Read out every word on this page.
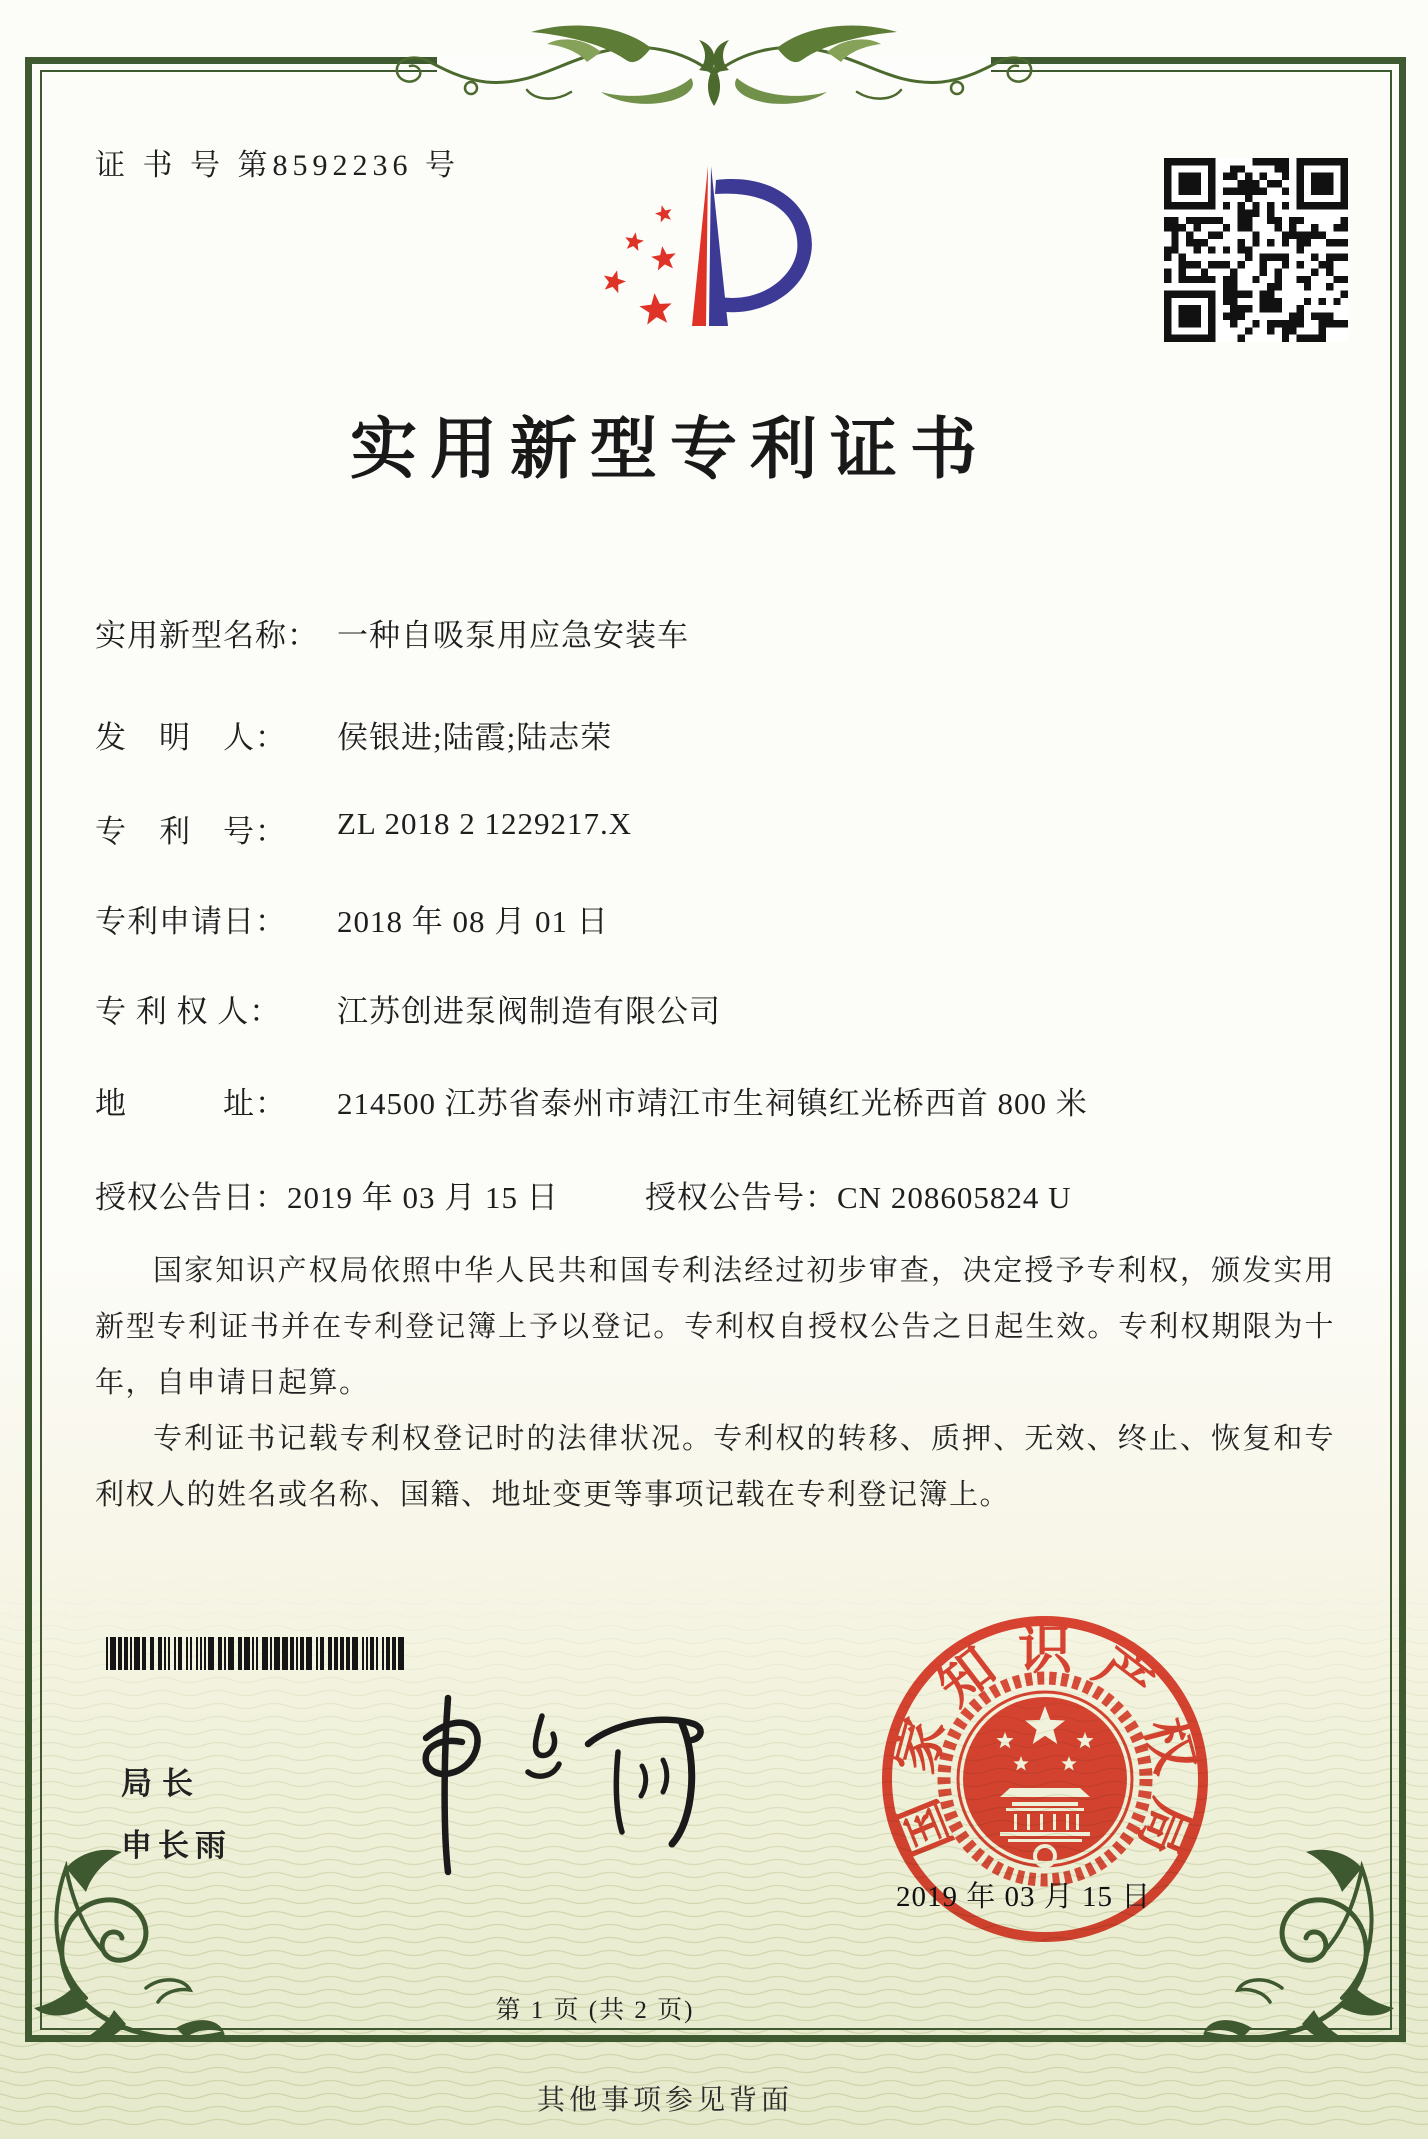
证 书 号 第8592236 号
实用新型专利证书
实用新型名称： 一种自吸泵用应急安装车
发　明　人： 侯银进;陆霞;陆志荣
专　利　号： ZL 2018 2 1229217.X
专利申请日： 2018 年 08 月 01 日
专 利 权 人： 江苏创进泵阀制造有限公司
地　　　址： 214500 江苏省泰州市靖江市生祠镇红光桥西首 800 米
授权公告日：2019 年 03 月 15 日	授权公告号：CN 208605824 U

国家知识产权局依照中华人民共和国专利法经过初步审查，决定授予专利权，颁发实用新型专利证书并在专利登记簿上予以登记。专利权自授权公告之日起生效。专利权期限为十年，自申请日起算。

专利证书记载专利权登记时的法律状况。专利权的转移、质押、无效、终止、恢复和专利权人的姓名或名称、国籍、地址变更等事项记载在专利登记簿上。

局长
申长雨	国
家
知 识 产
权
局
2019 年 03 月 15 日
第 1 页 (共 2 页)
其他事项参见背面
